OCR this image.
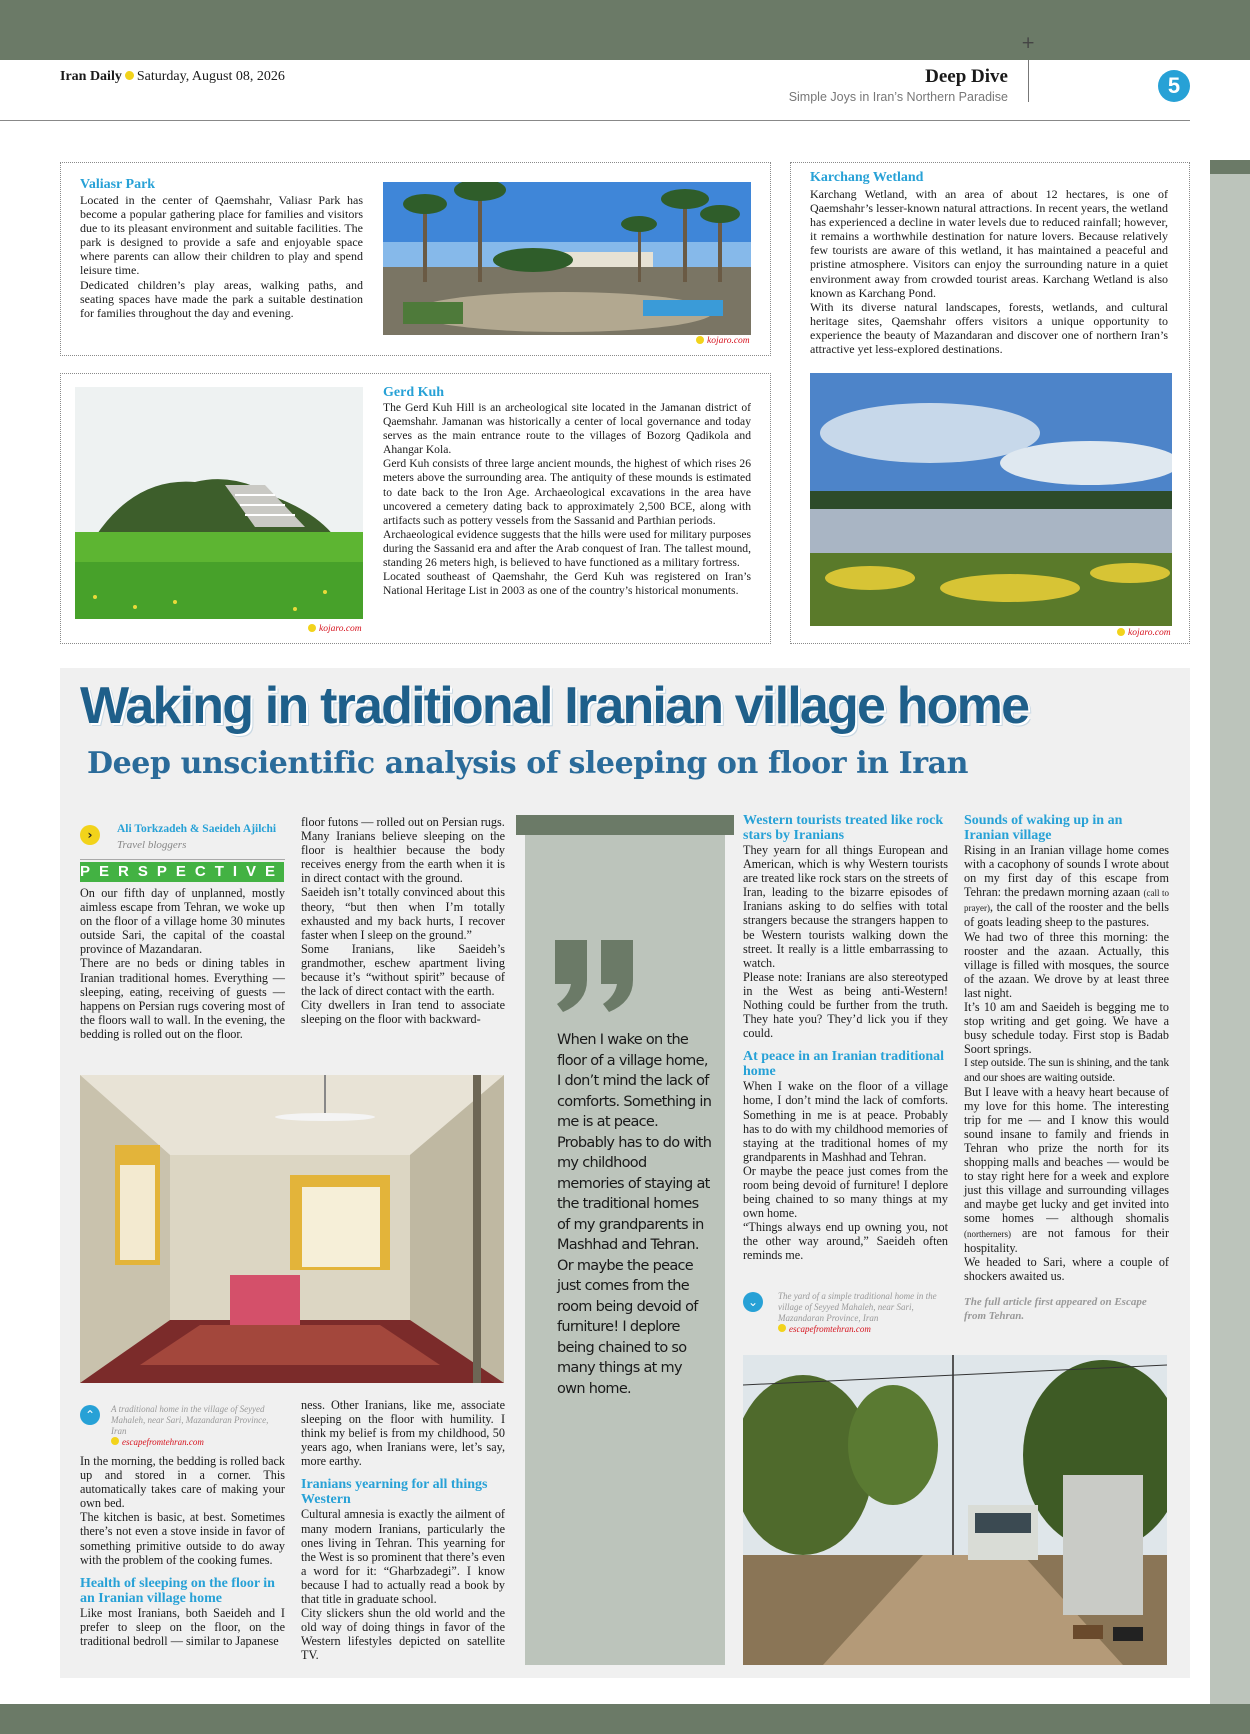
Iran Daily Saturday, August 08, 2026
+
Deep Dive
Simple Joys in Iran’s Northern Paradise	5
Valiasr Park

Located in the center of Qaemshahr, Valiasr Park has become a popular gathering place for families and visitors due to its pleasant environment and suitable facilities. The park is designed to provide a safe and enjoyable space where parents can allow their children to play and spend leisure time.

Dedicated children’s play areas, walking paths, and seating spaces have made the park a suitable destination for families throughout the day and evening.

kojaro.com
kojaro.com
Gerd Kuh

The Gerd Kuh Hill is an archeological site located in the Jamanan district of Qaemshahr. Jamanan was historically a center of local governance and today serves as the main entrance route to the villages of Bozorg Qadikola and Ahangar Kola.

Gerd Kuh consists of three large ancient mounds, the highest of which rises 26 meters above the surrounding area. The antiquity of these mounds is estimated to date back to the Iron Age. Archaeological excavations in the area have uncovered a cemetery dating back to approximately 2,500 BCE, along with artifacts such as pottery vessels from the Sassanid and Parthian periods.

Archaeological evidence suggests that the hills were used for military purposes during the Sassanid era and after the Arab conquest of Iran. The tallest mound, standing 26 meters high, is believed to have functioned as a military fortress.

Located southeast of Qaemshahr, the Gerd Kuh was registered on Iran’s National Heritage List in 2003 as one of the country’s historical monuments.

Karchang Wetland

Karchang Wetland, with an area of about 12 hectares, is one of Qaemshahr’s lesser-known natural attractions. In recent years, the wetland has experienced a decline in water levels due to reduced rainfall; however, it remains a worthwhile destination for nature lovers. Because relatively few tourists are aware of this wetland, it has maintained a peaceful and pristine atmosphere. Visitors can enjoy the surrounding nature in a quiet environment away from crowded tourist areas. Karchang Wetland is also known as Karchang Pond.

With its diverse natural landscapes, forests, wetlands, and cultural heritage sites, Qaemshahr offers visitors a unique opportunity to experience the beauty of Mazandaran and discover one of northern Iran’s attractive yet less-explored destinations.

kojaro.com
Waking in traditional Iranian village home
Deep unscientific analysis of sleeping on floor in Iran
›	Ali Torkzadeh & Saeideh Ajilchi
Travel bloggers
PERSPECTIVE

On our fifth day of unplanned, mostly aimless escape from Tehran, we woke up on the floor of a village home 30 minutes outside Sari, the capital of the coastal province of Mazandaran.

There are no beds or dining tables in Iranian traditional homes. Everything — sleeping, eating, receiving of guests — happens on Persian rugs covering most of the floors wall to wall. In the evening, the bedding is rolled out on the floor.

floor futons — rolled out on Persian rugs.

Many Iranians believe sleeping on the floor is healthier because the body receives energy from the earth when it is in direct contact with the ground.

Saeideh isn’t totally convinced about this theory, “but then when I’m totally exhausted and my back hurts, I recover faster when I sleep on the ground.”

Some Iranians, like Saeideh’s grandmother, eschew apartment living because it’s “without spirit” because of the lack of direct contact with the earth.

City dwellers in Iran tend to associate sleeping on the floor with backward-

⌃	A traditional home in the village of Seyyed Mahaleh, near Sari, Mazandaran Province, Iran
escapefromtehran.com

In the morning, the bedding is rolled back up and stored in a corner. This automatically takes care of making your own bed.

The kitchen is basic, at best. Sometimes there’s not even a stove inside in favor of something primitive outside to do away with the problem of the cooking fumes.

Health of sleeping on the floor in an Iranian village home

Like most Iranians, both Saeideh and I prefer to sleep on the floor, on the traditional bedroll — similar to Japanese

ness. Other Iranians, like me, associate sleeping on the floor with humility. I think my belief is from my childhood, 50 years ago, when Iranians were, let’s say, more earthy.

Iranians yearning for all things Western

Cultural amnesia is exactly the ailment of many modern Iranians, particularly the ones living in Tehran. This yearning for the West is so prominent that there’s even a word for it: “Gharbzadegi”. I know because I had to actually read a book by that title in graduate school.

City slickers shun the old world and the old way of doing things in favor of the Western lifestyles depicted on satellite TV.

When I wake on the floor of a village home, I don’t mind the lack of comforts. Something in me is at peace. Probably has to do with my childhood memories of staying at the traditional homes of my grandparents in Mashhad and Tehran. Or maybe the peace just comes from the room being devoid of furniture! I deplore being chained to so many things at my own home.

Western tourists treated like rock stars by Iranians

They yearn for all things European and American, which is why Western tourists are treated like rock stars on the streets of Iran, leading to the bizarre episodes of Iranians asking to do selfies with total strangers because the strangers happen to be Western tourists walking down the street. It really is a little embarrassing to watch.

Please note: Iranians are also stereotyped in the West as being anti-Western! Nothing could be further from the truth. They hate you? They’d lick you if they could.

At peace in an Iranian traditional home

When I wake on the floor of a village home, I don’t mind the lack of comforts. Something in me is at peace. Probably has to do with my childhood memories of staying at the traditional homes of my grandparents in Mashhad and Tehran.

Or maybe the peace just comes from the room being devoid of furniture! I deplore being chained to so many things at my own home.

“Things always end up owning you, not the other way around,” Saeideh often reminds me.

⌄	The yard of a simple traditional home in the village of Seyyed Mahaleh, near Sari, Mazandaran Province, Iran
escapefromtehran.com

Sounds of waking up in an Iranian village

Rising in an Iranian village home comes with a cacophony of sounds I wrote about on my first day of this escape from Tehran: the predawn morning azaan (call to prayer), the call of the rooster and the bells of goats leading sheep to the pastures.

We had two of three this morning: the rooster and the azaan. Actually, this village is filled with mosques, the source of the azaan. We drove by at least three last night.

It’s 10 am and Saeideh is begging me to stop writing and get going. We have a busy schedule today. First stop is Badab Soort springs.

I step outside. The sun is shining, and the tank and our shoes are waiting outside.

But I leave with a heavy heart because of my love for this home. The interesting trip for me — and I know this would sound insane to family and friends in Tehran who prize the north for its shopping malls and beaches — would be to stay right here for a week and explore just this village and surrounding villages and maybe get lucky and get invited into some homes — although shomalis (northerners) are not famous for their hospitality.

We headed to Sari, where a couple of shockers awaited us.

The full article first appeared on Escape from Tehran.
